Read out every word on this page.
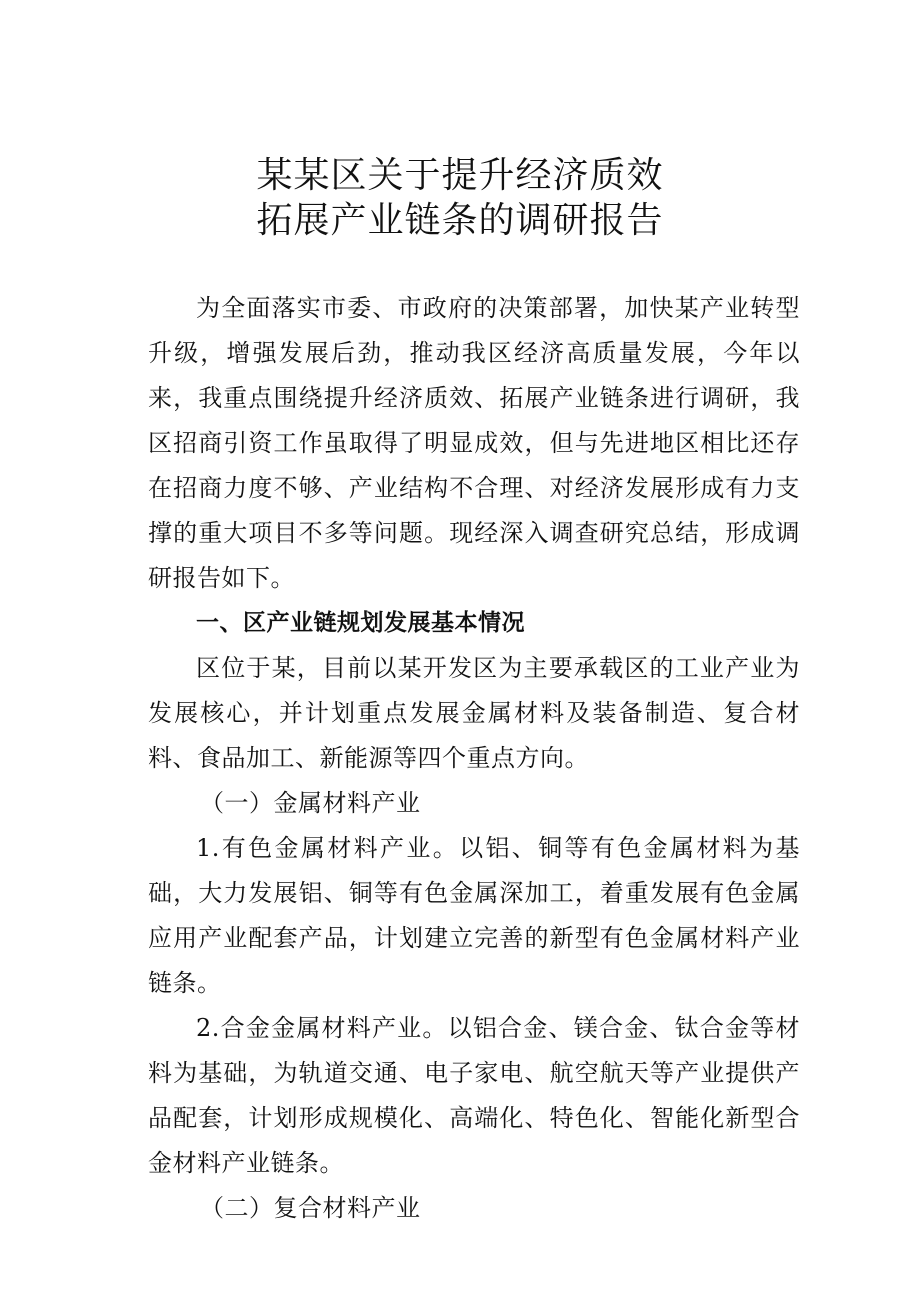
某某区关于提升经济质效
拓展产业链条的调研报告

为全面落实市委、市政府的决策部署，加快某产业转型升级，增强发展后劲，推动我区经济高质量发展，今年以来，我重点围绕提升经济质效、拓展产业链条进行调研，我区招商引资工作虽取得了明显成效，但与先进地区相比还存在招商力度不够、产业结构不合理、对经济发展形成有力支撑的重大项目不多等问题。现经深入调查研究总结，形成调研报告如下。

一、区产业链规划发展基本情况

区位于某，目前以某开发区为主要承载区的工业产业为发展核心，并计划重点发展金属材料及装备制造、复合材料、食品加工、新能源等四个重点方向。

（一）金属材料产业

1.有色金属材料产业。以铝、铜等有色金属材料为基础，大力发展铝、铜等有色金属深加工，着重发展有色金属应用产业配套产品，计划建立完善的新型有色金属材料产业链条。

2.合金金属材料产业。以铝合金、镁合金、钛合金等材料为基础，为轨道交通、电子家电、航空航天等产业提供产品配套，计划形成规模化、高端化、特色化、智能化新型合金材料产业链条。

（二）复合材料产业
